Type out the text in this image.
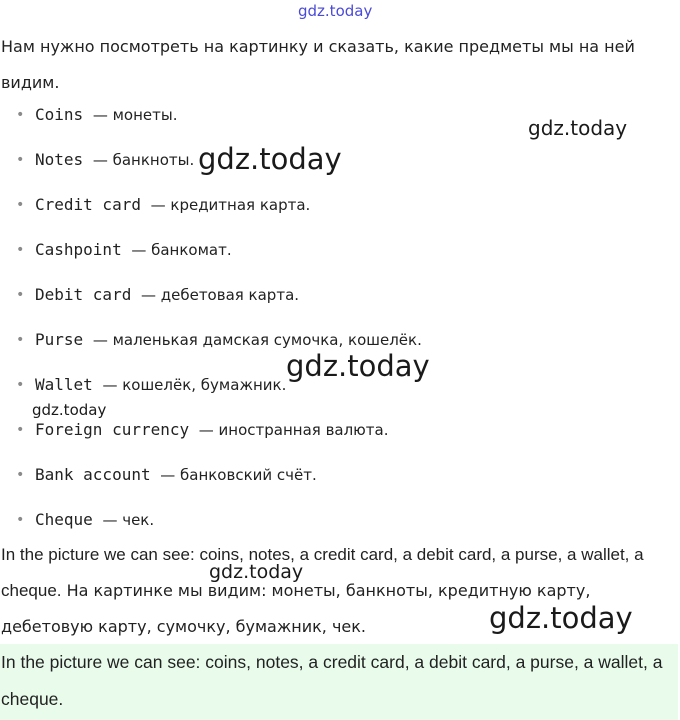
gdz.today
Нам нужно посмотреть на картинку и сказать, какие предметы мы на ней видим.
• Coins — монеты.
• Notes — банкноты.
• Credit card — кредитная карта.
• Cashpoint — банкомат.
• Debit card — дебетовая карта.
• Purse — маленькая дамская сумочка, кошелёк.
• Wallet — кошелёк, бумажник.
• Foreign currency — иностранная валюта.
• Bank account — банковский счёт.
• Cheque — чек.
In the picture we can see: coins, notes, a credit card, a debit card, a purse, a wallet, a cheque. На картинке мы видим: монеты, банкноты, кредитную карту, дебетовую карту, сумочку, бумажник, чек.
In the picture we can see: coins, notes, a credit card, a debit card, a purse, a wallet, a cheque.
gdz.today
gdz.today
gdz.today
gdz.today
gdz.today
gdz.today
